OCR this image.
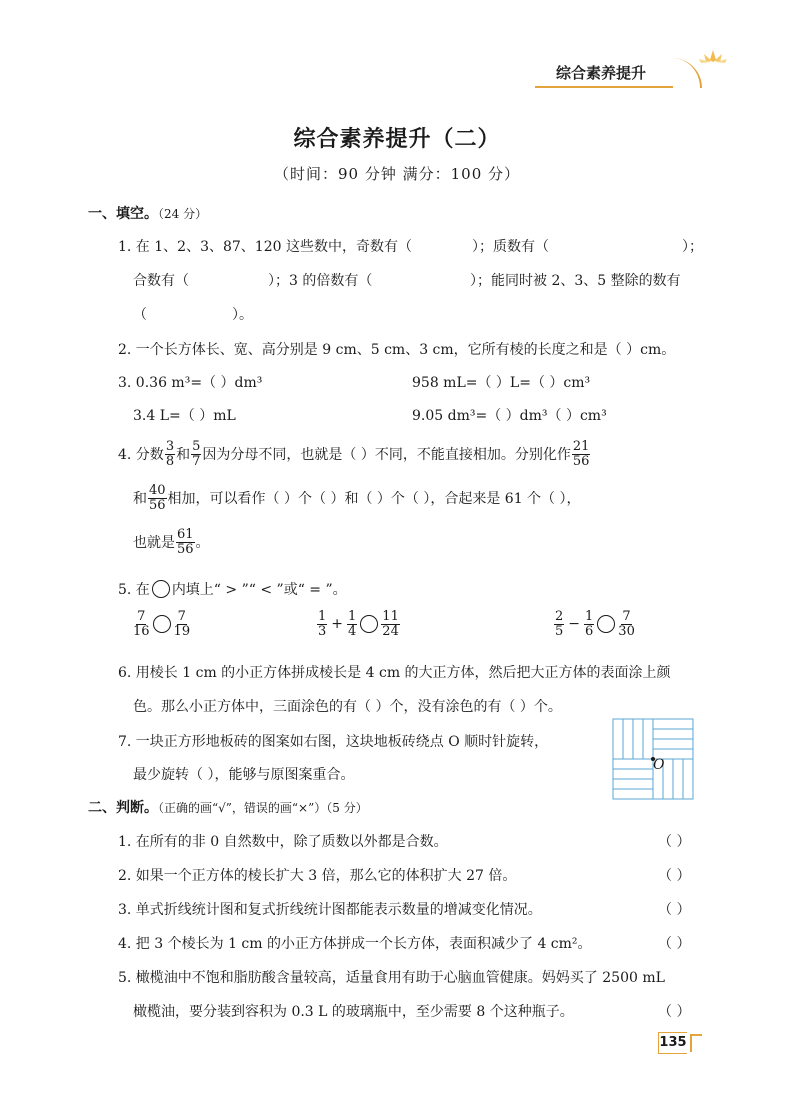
综合素养提升
综合素养提升（二）
（时间：90 分钟 满分：100 分）
一、填空。（24 分）
1. 在 1、2、3、87、120 这些数中，奇数有（	）；质数有（	）；
合数有（	）；3 的倍数有（	）；能同时被 2、3、5 整除的数有
（	）。
2. 一个长方体长、宽、高分别是 9 cm、5 cm、3 cm，它所有棱的长度之和是（ ）cm。
3. 0.36 m³=（ ）dm³	958 mL=（ ）L=（ ）cm³
3.4 L=（ ）mL	9.05 dm³=（ ）dm³（ ）cm³
4. 分数 $\frac{3}{8}$ 和 $\frac{5}{7}$ 因为分母不同，也就是（ ）不同，不能直接相加。分别化作 $\frac{21}{56}$
和 $\frac{40}{56}$ 相加，可以看作（ ）个（ ）和（ ）个（ ），合起来是 61 个（ ），
也就是 $\frac{61}{56}$ 。
5. 在 内填上“ > ”“ < ”或“ = ”。
$\frac{7}{16} \frac{7}{19}$	$\frac{1}{3} + \frac{1}{4} \frac{11}{24}$	$\frac{2}{5} - \frac{1}{6} \frac{7}{30}$
6. 用棱长 1 cm 的小正方体拼成棱长是 4 cm 的大正方体，然后把大正方体的表面涂上颜
色。那么小正方体中，三面涂色的有（ ）个，没有涂色的有（ ）个。
7. 一块正方形地板砖的图案如右图，这块地板砖绕点 O 顺时针旋转，
最少旋转（ ），能够与原图案重合。
O
二、判断。（正确的画“√”，错误的画“×”）（5 分）
1. 在所有的非 0 自然数中，除了质数以外都是合数。	（ ）
2. 如果一个正方体的棱长扩大 3 倍，那么它的体积扩大 27 倍。	（ ）
3. 单式折线统计图和复式折线统计图都能表示数量的增减变化情况。	（ ）
4. 把 3 个棱长为 1 cm 的小正方体拼成一个长方体，表面积减少了 4 cm²。	（ ）
5. 橄榄油中不饱和脂肪酸含量较高，适量食用有助于心脑血管健康。妈妈买了 2500 mL
橄榄油，要分装到容积为 0.3 L 的玻璃瓶中，至少需要 8 个这种瓶子。	（ ）
135
